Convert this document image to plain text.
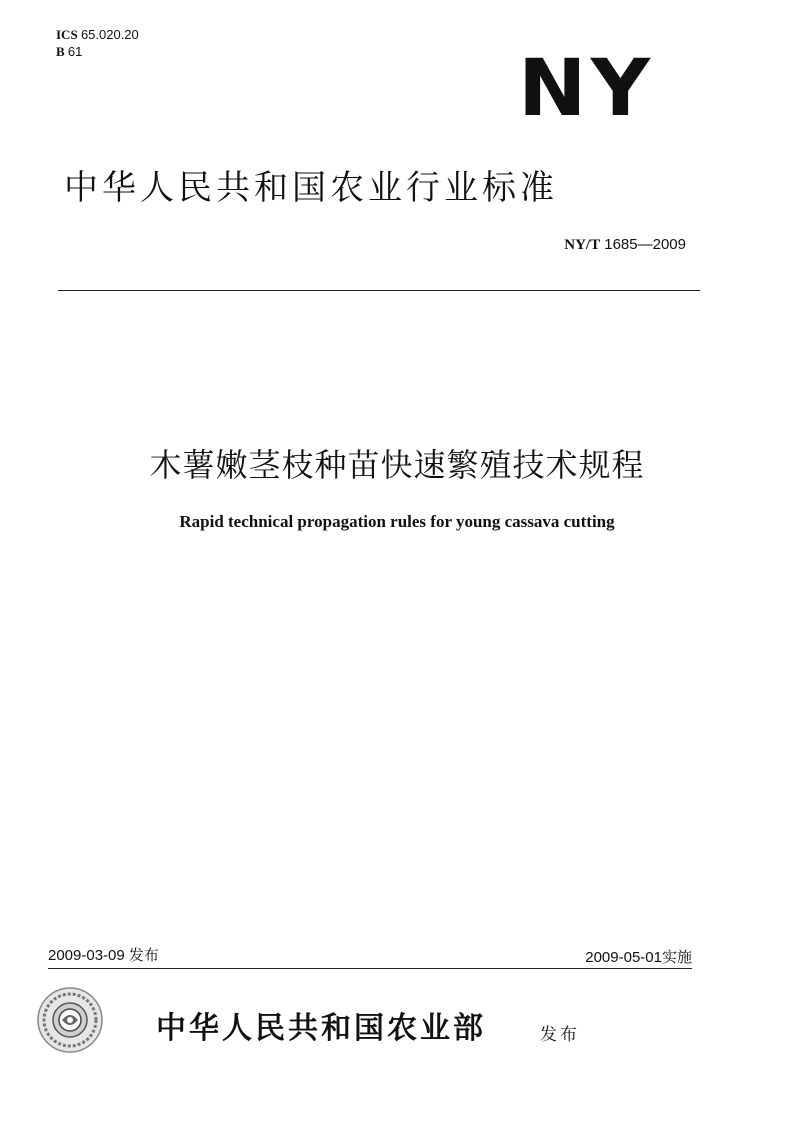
ICS 65.020.20
B 61	NY
中华人民共和国农业行业标准
NY/T 1685—2009
木薯嫩茎枝种苗快速繁殖技术规程
Rapid technical propagation rules for young cassava cutting
2009-03-09 发布	2009-05-01实施
中华人民共和国农业部	发布
